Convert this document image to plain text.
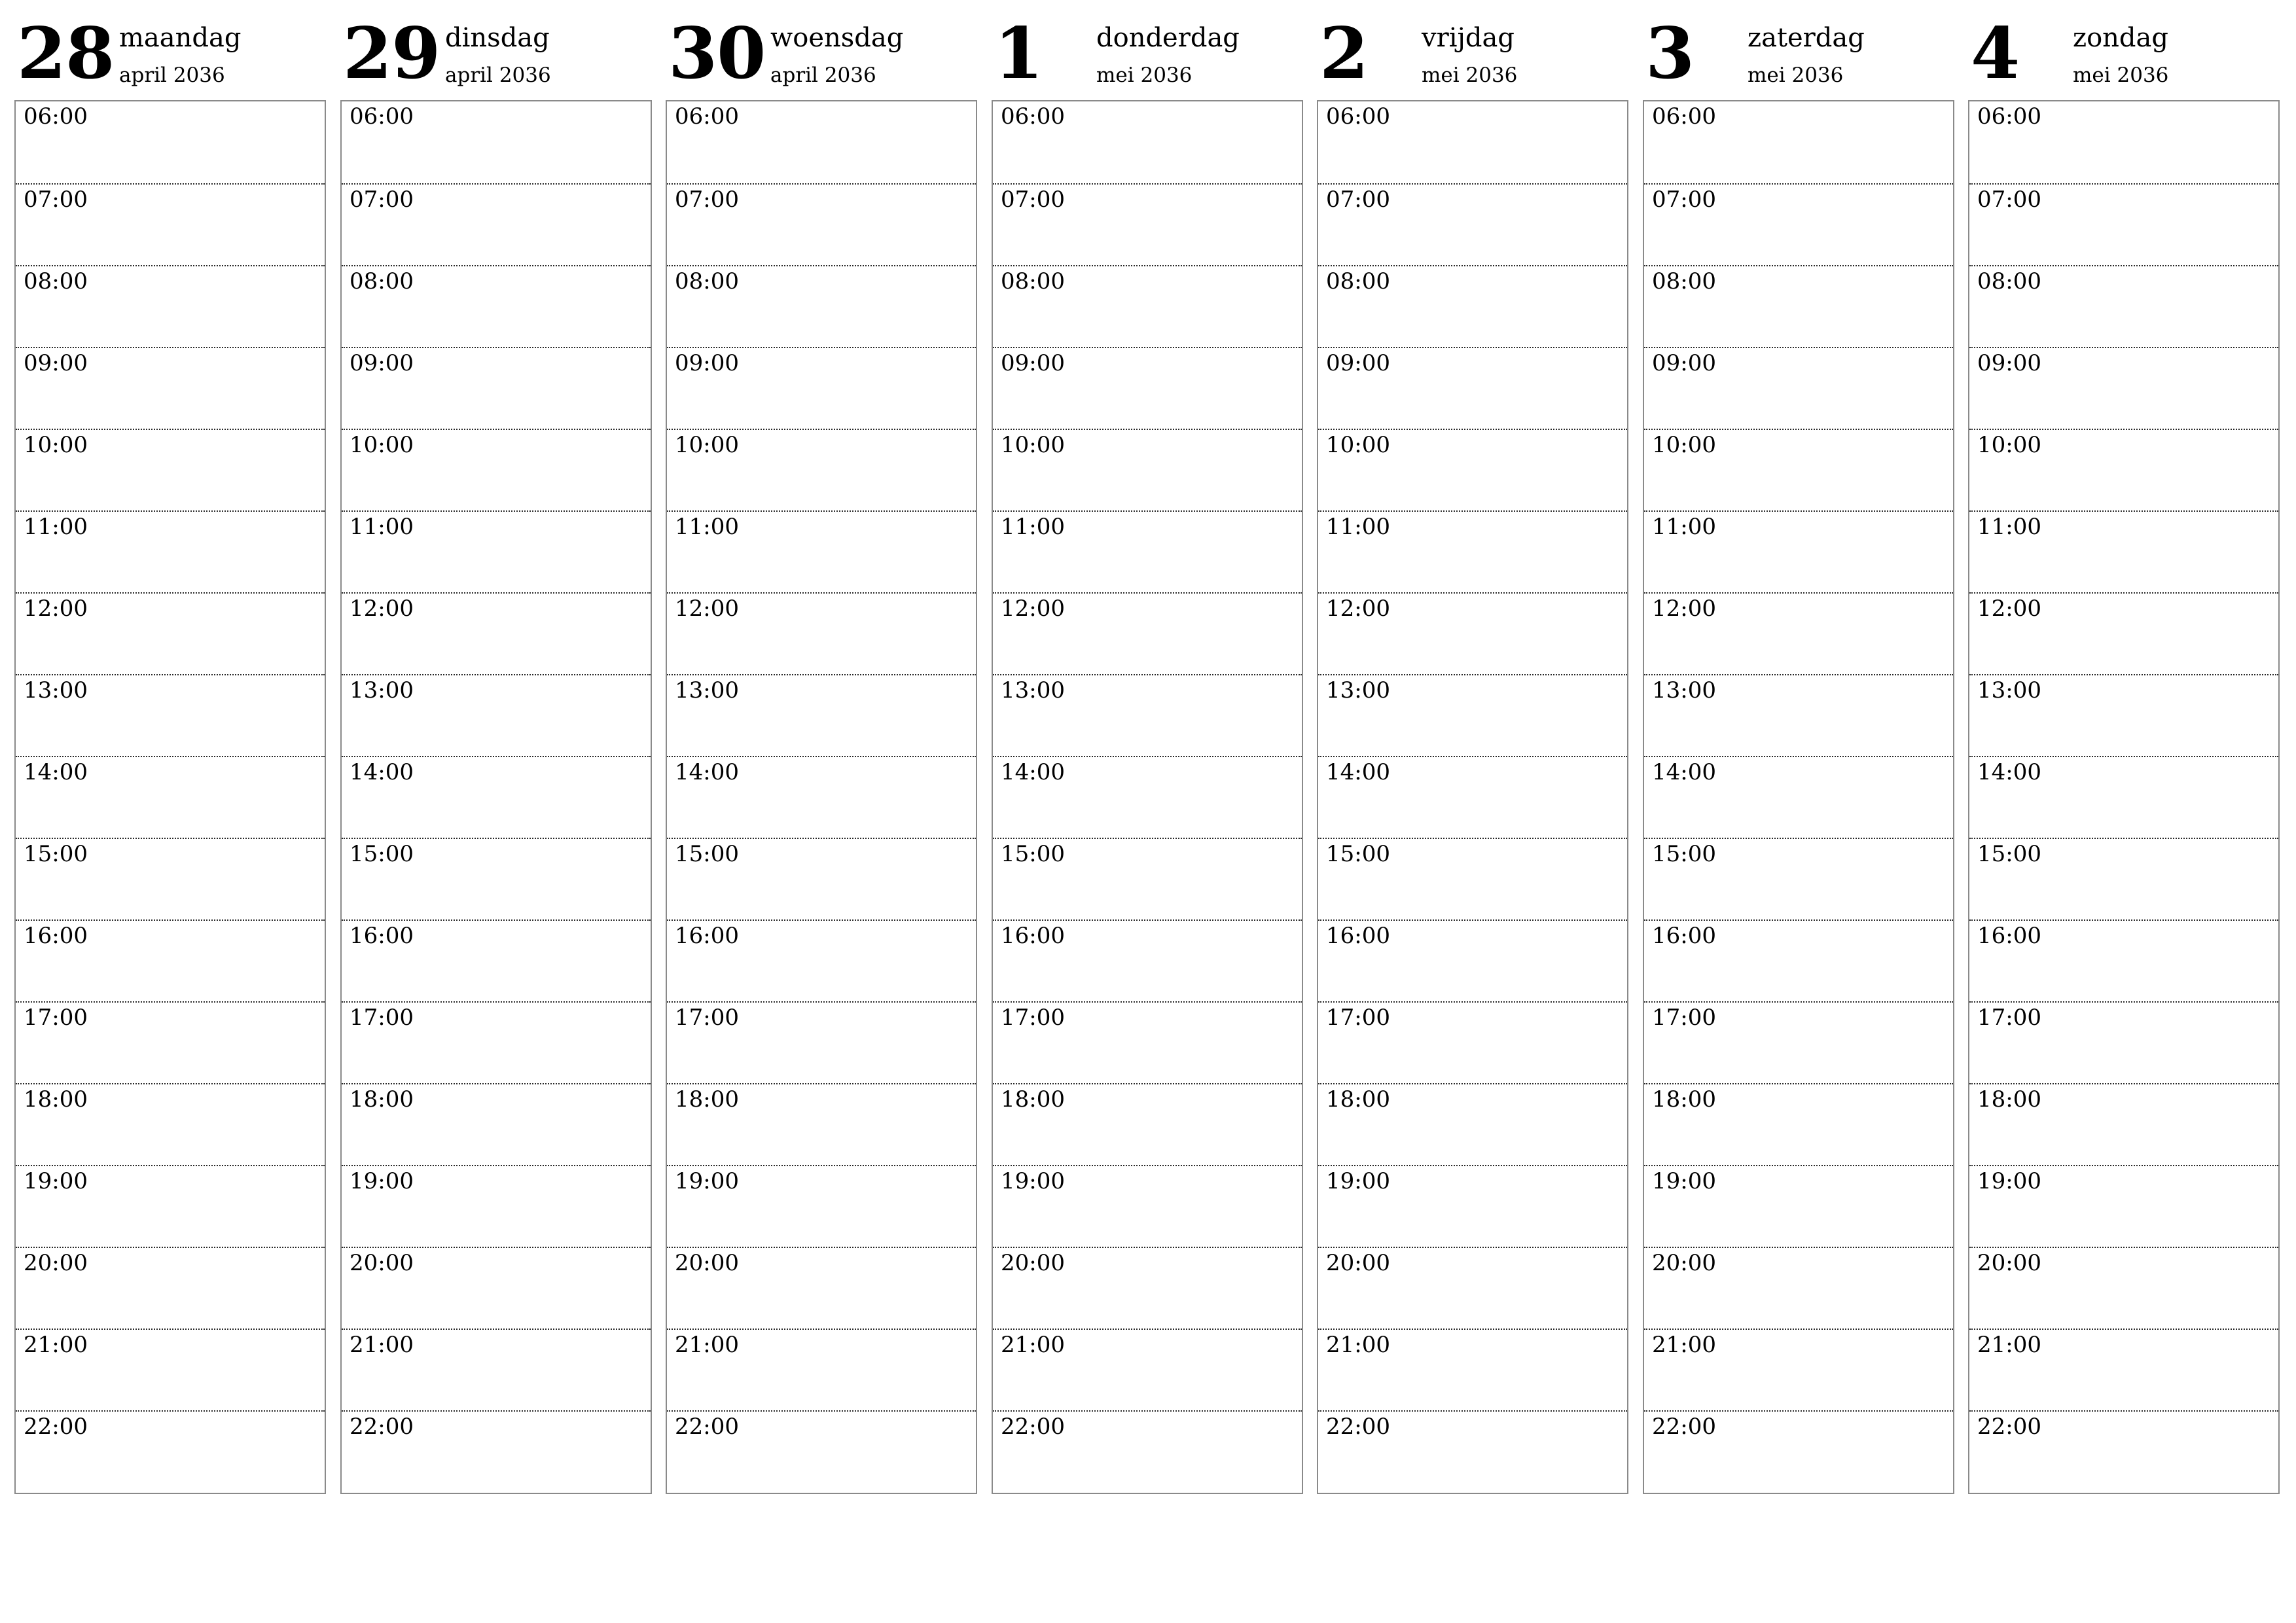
28 maandag
april 2036
06:00
07:00
08:00
09:00
10:00
11:00
12:00
13:00
14:00
15:00
16:00
17:00
18:00
19:00
20:00
21:00
22:00
29 dinsdag
april 2036
06:00
07:00
08:00
09:00
10:00
11:00
12:00
13:00
14:00
15:00
16:00
17:00
18:00
19:00
20:00
21:00
22:00
30 woensdag
april 2036
06:00
07:00
08:00
09:00
10:00
11:00
12:00
13:00
14:00
15:00
16:00
17:00
18:00
19:00
20:00
21:00
22:00
1 donderdag
mei 2036
06:00
07:00
08:00
09:00
10:00
11:00
12:00
13:00
14:00
15:00
16:00
17:00
18:00
19:00
20:00
21:00
22:00
2 vrijdag
mei 2036
06:00
07:00
08:00
09:00
10:00
11:00
12:00
13:00
14:00
15:00
16:00
17:00
18:00
19:00
20:00
21:00
22:00
3 zaterdag
mei 2036
06:00
07:00
08:00
09:00
10:00
11:00
12:00
13:00
14:00
15:00
16:00
17:00
18:00
19:00
20:00
21:00
22:00
4 zondag
mei 2036
06:00
07:00
08:00
09:00
10:00
11:00
12:00
13:00
14:00
15:00
16:00
17:00
18:00
19:00
20:00
21:00
22:00
